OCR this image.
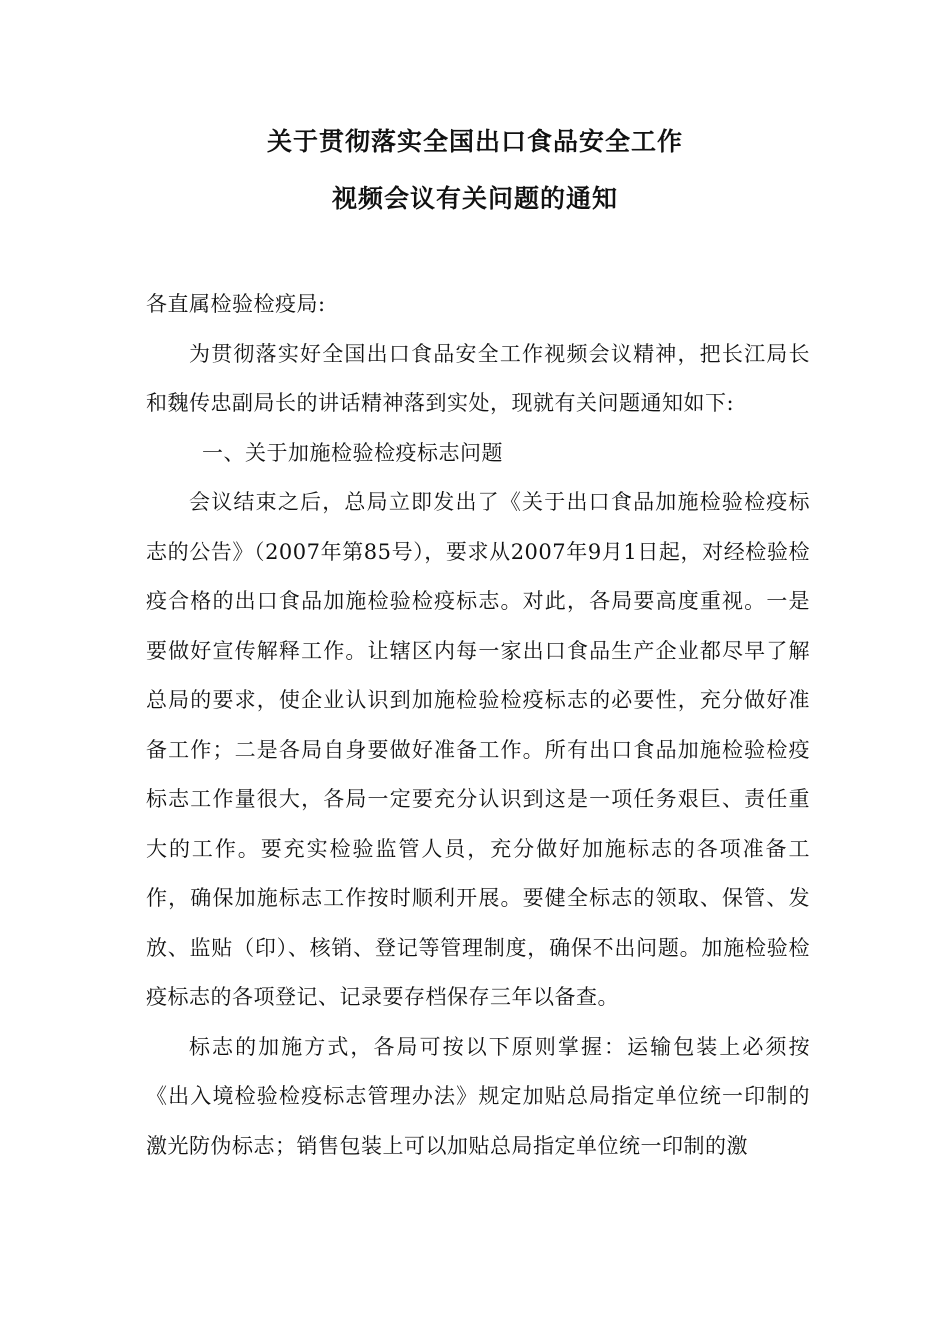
关于贯彻落实全国出口食品安全工作
视频会议有关问题的通知

各直属检验检疫局:

为贯彻落实好全国出口食品安全工作视频会议精神，把长江局长和魏传忠副局长的讲话精神落到实处，现就有关问题通知如下:

一、关于加施检验检疫标志问题

会议结束之后，总局立即发出了《关于出口食品加施检验检疫标志的公告》（2007年第85号），要求从2007年9月1日起，对经检验检疫合格的出口食品加施检验检疫标志。对此，各局要高度重视。一是要做好宣传解释工作。让辖区内每一家出口食品生产企业都尽早了解总局的要求，使企业认识到加施检验检疫标志的必要性，充分做好准备工作；二是各局自身要做好准备工作。所有出口食品加施检验检疫标志工作量很大，各局一定要充分认识到这是一项任务艰巨、责任重大的工作。要充实检验监管人员，充分做好加施标志的各项准备工作，确保加施标志工作按时顺利开展。要健全标志的领取、保管、发放、监贴（印）、核销、登记等管理制度，确保不出问题。加施检验检疫标志的各项登记、记录要存档保存三年以备查。

标志的加施方式，各局可按以下原则掌握：运输包装上必须按《出入境检验检疫标志管理办法》规定加贴总局指定单位统一印制的激光防伪标志；销售包装上可以加贴总局指定单位统一印制的激
